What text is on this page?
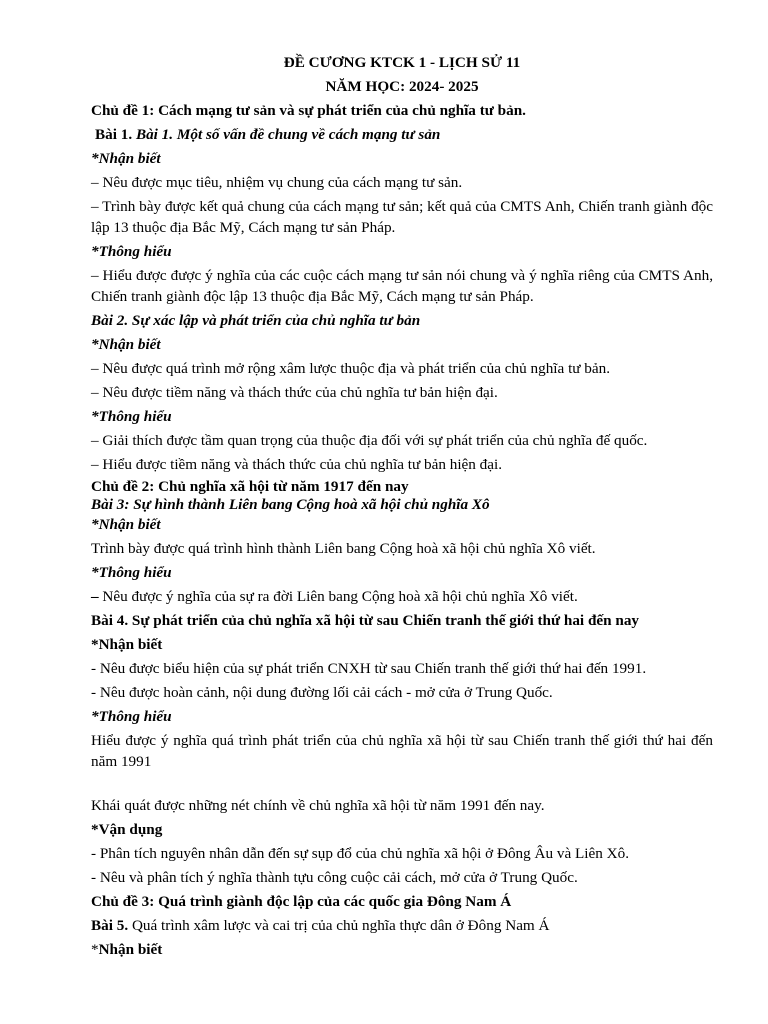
ĐỀ CƯƠNG KTCK 1 - LỊCH SỬ 11
NĂM HỌC: 2024- 2025
Chủ đề 1: Cách mạng tư sản và sự phát triển của chủ nghĩa tư bản.
Bài 1. Bài 1. Một số vấn đề chung về cách mạng tư sản
*Nhận biết
– Nêu được mục tiêu, nhiệm vụ chung của cách mạng tư sản.
– Trình bày được kết quả chung của cách mạng tư sản; kết quả của CMTS Anh, Chiến tranh giành độc lập 13 thuộc địa Bắc Mỹ, Cách mạng tư sản Pháp.
*Thông hiểu
– Hiểu được được ý nghĩa của các cuộc cách mạng tư sản nói chung và ý nghĩa riêng của CMTS Anh, Chiến tranh giành độc lập 13 thuộc địa Bắc Mỹ, Cách mạng tư sản Pháp.
Bài 2. Sự xác lập và phát triển của chủ nghĩa tư bản
*Nhận biết
– Nêu được quá trình mở rộng xâm lược thuộc địa và phát triển của chủ nghĩa tư bản.
– Nêu được tiềm năng và thách thức của chủ nghĩa tư bản hiện đại.
*Thông hiểu
– Giải thích được tầm quan trọng của thuộc địa đối với sự phát triển của chủ nghĩa đế quốc.
– Hiểu được tiềm năng và thách thức của chủ nghĩa tư bản hiện đại.
Chủ đề 2: Chủ nghĩa xã hội từ năm 1917 đến nay
Bài 3: Sự hình thành Liên bang Cộng hoà xã hội chủ nghĩa Xô
*Nhận biết
Trình bày được quá trình hình thành Liên bang Cộng hoà xã hội chủ nghĩa Xô viết.
*Thông hiểu
– Nêu được ý nghĩa của sự ra đời Liên bang Cộng hoà xã hội chủ nghĩa Xô viết.
Bài 4. Sự phát triển của chủ nghĩa xã hội từ sau Chiến tranh thế giới thứ hai đến nay
*Nhận biết
- Nêu được biểu hiện của sự phát triển CNXH từ sau Chiến tranh thế giới thứ hai đến 1991.
- Nêu được hoàn cảnh, nội dung đường lối cải cách - mở cửa ở Trung Quốc.
*Thông hiểu
Hiểu được ý nghĩa quá trình phát triển của chủ nghĩa xã hội từ sau Chiến tranh thế giới thứ hai đến năm 1991
Khái quát được những nét chính về chủ nghĩa xã hội từ năm 1991 đến nay.
*Vận dụng
- Phân tích nguyên nhân dẫn đến sự sụp đổ của chủ nghĩa xã hội ở Đông Âu và Liên Xô.
- Nêu và phân tích ý nghĩa thành tựu công cuộc cải cách, mở cửa ở Trung Quốc.
Chủ đề 3: Quá trình giành độc lập của các quốc gia Đông Nam Á
Bài 5. Quá trình xâm lược và cai trị của chủ nghĩa thực dân ở Đông Nam Á
*Nhận biết
